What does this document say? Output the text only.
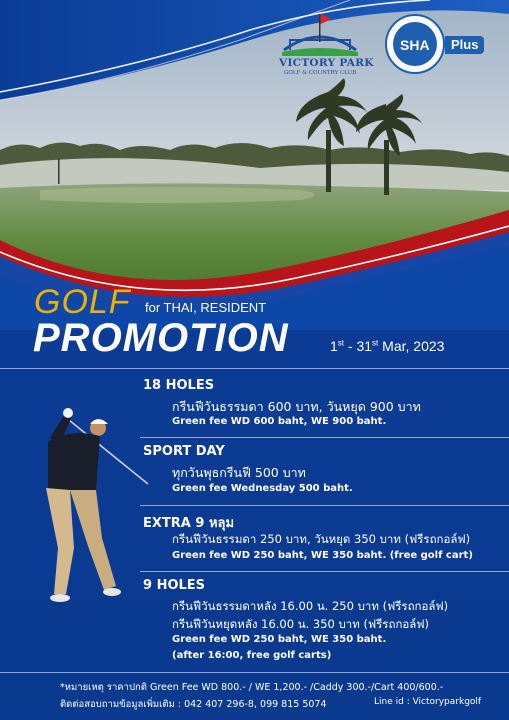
VICTORY PARK
GOLF & COUNTRY CLUB
SHA	Plus
GOLF for THAI, RESIDENT
PROMOTION	1st - 31st Mar, 2023
18 HOLES
กรีนฟีวันธรรมดา 600 บาท, วันหยุด 900 บาท
Green fee WD 600 baht, WE 900 baht.
SPORT DAY
ทุกวันพุธกรีนฟี 500 บาท
Green fee Wednesday 500 baht.
EXTRA 9 หลุม
กรีนฟีวันธรรมดา 250 บาท, วันหยุด 350 บาท (ฟรีรถกอล์ฟ)
Green fee WD 250 baht, WE 350 baht. (free golf cart)
9 HOLES
กรีนฟีวันธรรมดาหลัง 16.00 น. 250 บาท (ฟรีรถกอล์ฟ)
กรีนฟีวันหยุดหลัง 16.00 น. 350 บาท (ฟรีรถกอล์ฟ)
Green fee WD 250 baht, WE 350 baht.
(after 16:00, free golf carts)
*หมายเหตุ ราคาปกติ Green Fee WD 800.- / WE 1,200.- /Caddy 300.-/Cart 400/600.-
ติดต่อสอบถามข้อมูลเพิ่มเติม : 042 407 296-8, 099 815 5074	Line id : Victoryparkgolf
